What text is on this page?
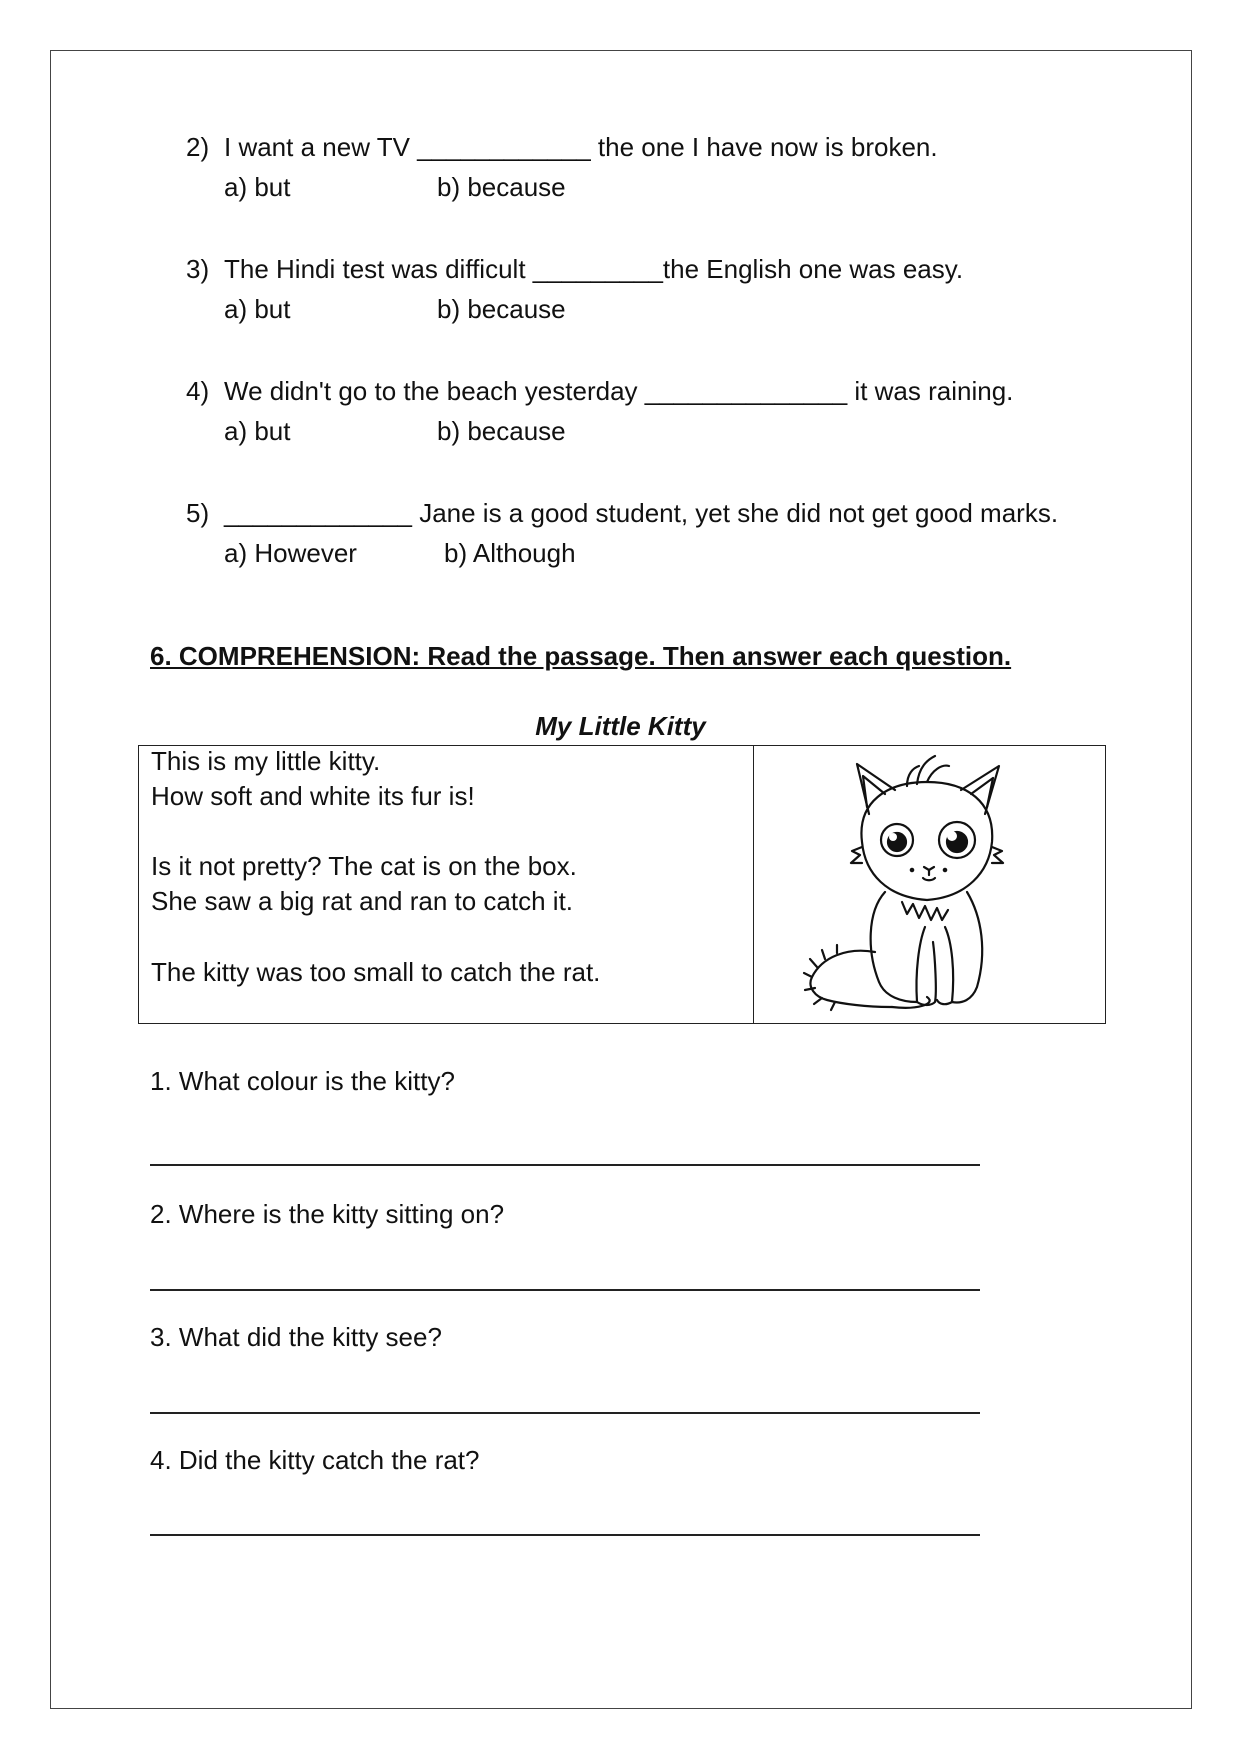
2) I want a new TV ____________ the one I have now is broken.
a) but	b) because
3) The Hindi test was difficult _________the English one was easy.
a) but	b) because
4) We didn't go to the beach yesterday ______________ it was raining.
a) but	b) because
5) _____________ Jane is a good student, yet she did not get good marks.
a) However	b) Although
6. COMPREHENSION: Read the passage. Then answer each question.
My Little Kitty
This is my little kitty.
How soft and white its fur is!
Is it not pretty? The cat is on the box.
She saw a big rat and ran to catch it.
The kitty was too small to catch the rat.
1. What colour is the kitty?
2. Where is the kitty sitting on?
3. What did the kitty see?
4. Did the kitty catch the rat?
